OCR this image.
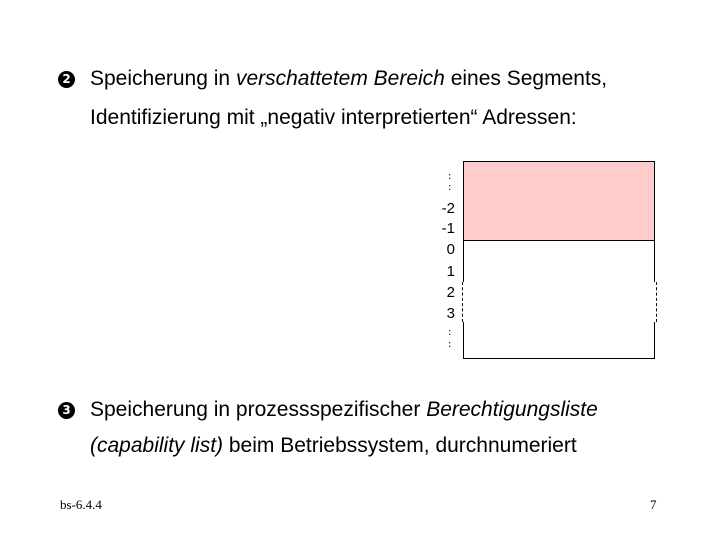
2 Speicherung in verschattetem Bereich eines Segments,
Identifizierung mit „negativ interpretierten“ Adressen:
:
:
-2
-1
0
1
2
3
:
:
3 Speicherung in prozessspezifischer Berechtigungsliste
(capability list) beim Betriebssystem, durchnumeriert
bs-6.4.4	7
